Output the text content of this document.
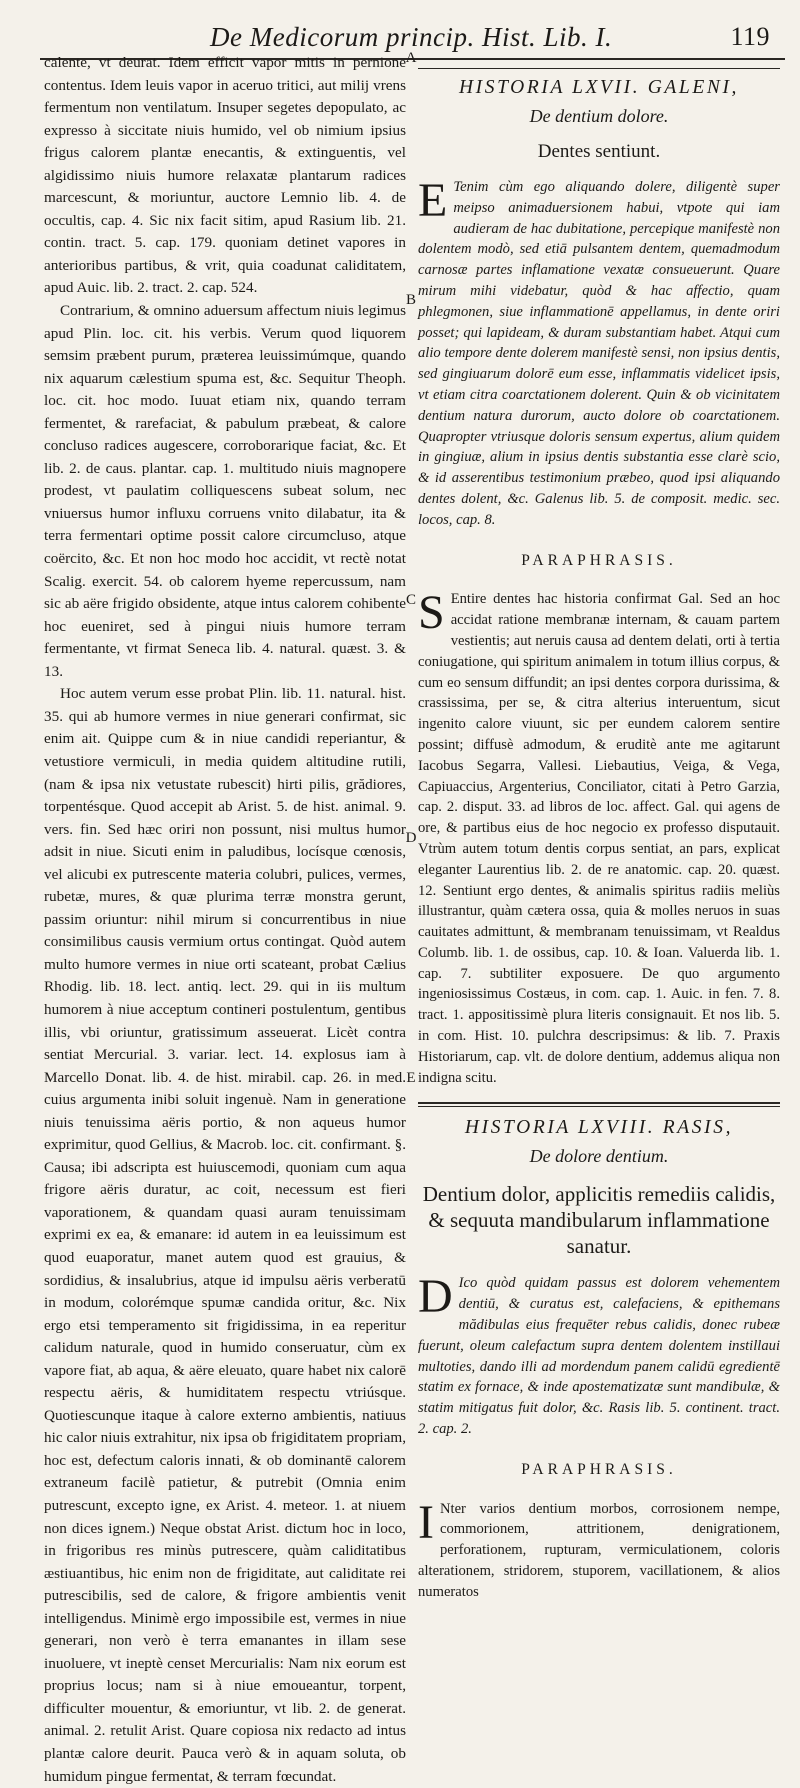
De Medicorum princip. Hist. Lib. I.	119
A
B
C
D
E

calente, vt deurat. Idem efficit vapor mitis in pernione contentus. Idem leuis vapor in aceruo tritici, aut milij vrens fermentum non ventilatum. Insuper segetes depopulato, ac expresso à siccitate niuis humido, vel ob nimium ipsius frigus calorem plantæ enecantis, & extinguentis, vel algidissimo niuis humore relaxatæ plantarum radices marcescunt, & moriuntur, auctore Lemnio lib. 4. de occultis, cap. 4. Sic nix facit sitim, apud Rasium lib. 21. contin. tract. 5. cap. 179. quoniam detinet vapores in anterioribus partibus, & vrit, quia coadunat caliditatem, apud Auic. lib. 2. tract. 2. cap. 524.

Contrarium, & omnino aduersum affectum niuis legimus apud Plin. loc. cit. his verbis. Verum quod liquorem semsim præbent purum, præterea leuissimúmque, quando nix aquarum cælestium spuma est, &c. Sequitur Theoph. loc. cit. hoc modo. Iuuat etiam nix, quando terram fermentet, & rarefaciat, & pabulum præbeat, & calore concluso radices augescere, corroborarique faciat, &c. Et lib. 2. de caus. plantar. cap. 1. multitudo niuis magnopere prodest, vt paulatim colliquescens subeat solum, nec vniuersus humor influxu corruens vnito dilabatur, ita & terra fermentari optime possit calore circumcluso, atque coërcito, &c. Et non hoc modo hoc accidit, vt rectè notat Scalig. exercit. 54. ob calorem hyeme repercussum, nam sic ab aëre frigido obsidente, atque intus calorem cohibente hoc eueniret, sed à pingui niuis humore terram fermentante, vt firmat Seneca lib. 4. natural. quæst. 3. & 13.

Hoc autem verum esse probat Plin. lib. 11. natural. hist. 35. qui ab humore vermes in niue generari confirmat, sic enim ait. Quippe cum & in niue candidi reperiantur, & vetustiore vermiculi, in media quidem altitudine rutili, (nam & ipsa nix vetustate rubescit) hirti pilis, grădiores, torpentésque. Quod accepit ab Arist. 5. de hist. animal. 9. vers. fin. Sed hæc oriri non possunt, nisi multus humor adsit in niue. Sicuti enim in paludibus, locísque cœnosis, vel alicubi ex putrescente materia colubri, pulices, vermes, rubetæ, mures, & quæ plurima terræ monstra gerunt, passim oriuntur: nihil mirum si concurrentibus in niue consimilibus causis vermium ortus contingat. Quòd autem multo humore vermes in niue orti scateant, probat Cælius Rhodig. lib. 18. lect. antiq. lect. 29. qui in iis multum humorem à niue acceptum contineri postulentum, gentibus illis, vbi oriuntur, gratissimum asseuerat. Licèt contra sentiat Mercurial. 3. variar. lect. 14. explosus iam à Marcello Donat. lib. 4. de hist. mirabil. cap. 26. in med. cuius argumenta inibi soluit ingenuè. Nam in generatione niuis tenuissima aëris portio, & non aqueus humor exprimitur, quod Gellius, & Macrob. loc. cit. confirmant. §. Causa; ibi adscripta est huiuscemodi, quoniam cum aqua frigore aëris duratur, ac coit, necessum est fieri vaporationem, & quandam quasi auram tenuissimam exprimi ex ea, & emanare: id autem in ea leuissimum est quod euaporatur, manet autem quod est grauius, & sordidius, & insalubrius, atque id impulsu aëris verberatū in modum, colorémque spumæ candida oritur, &c. Nix ergo etsi temperamento sit frigidissima, in ea reperitur calidum naturale, quod in humido conseruatur, cùm ex vapore fiat, ab aqua, & aëre eleuato, quare habet nix calorē respectu aëris, & humiditatem respectu vtriúsque. Quotiescunque itaque à calore externo ambientis, natiuus hic calor niuis extrahitur, nix ipsa ob frigiditatem propriam, hoc est, defectum caloris innati, & ob dominantē calorem extraneum facilè patietur, & putrebit (Omnia enim putrescunt, excepto igne, ex Arist. 4. meteor. 1. at niuem non dices ignem.) Neque obstat Arist. dictum hoc in loco, in frigoribus res minùs putrescere, quàm caliditatibus æstiuantibus, hic enim non de frigiditate, aut caliditate rei putrescibilis, sed de calore, & frigore ambientis venit intelligendus. Minimè ergo impossibile est, vermes in niue generari, non verò è terra emanantes in illam sese inuoluere, vt ineptè censet Mercurialis: Nam nix eorum est proprius locus; nam si à niue emoueantur, torpent, difficulter mouentur, & emoriuntur, vt lib. 2. de generat. animal. 2. retulit Arist. Quare copiosa nix redacto ad intus plantæ calore deurit. Pauca verò & in aquam soluta, ob humidum pingue fermentat, & terram fœcundat.

HISTORIA LXVII. GALENI,
De dentium dolore.
Dentes sentiunt.

E Tenim cùm ego aliquando dolere, diligentè super meipso animaduersionem habui, vtpote qui iam audieram de hac dubitatione, percepique manifestè non dolentem modò, sed etiā pulsantem dentem, quemadmodum carnosæ partes inflamatione vexatæ consueuerunt. Quare mirum mihi videbatur, quòd & hac affectio, quam phlegmonen, siue inflammationē appellamus, in dente oriri posset; qui lapideam, & duram substantiam habet. Atqui cum alio tempore dente dolerem manifestè sensi, non ipsius dentis, sed gingiuarum dolorē eum esse, inflammatis videlicet ipsis, vt etiam citra coarctationem dolerent. Quin & ob vicinitatem dentium natura durorum, aucto dolore ob coarctationem. Quapropter vtriusque doloris sensum expertus, alium quidem in gingiuæ, alium in ipsius dentis substantia esse clarè scio, & id asserentibus testimonium præbeo, quod ipsi aliquando dentes dolent, &c. Galenus lib. 5. de composit. medic. sec. locos, cap. 8.

PARAPHRASIS.

S Entire dentes hac historia confirmat Gal. Sed an hoc accidat ratione membranæ internam, & cauam partem vestientis; aut neruis causa ad dentem delati, orti à tertia coniugatione, qui spiritum animalem in totum illius corpus, & cum eo sensum diffundit; an ipsi dentes corpora durissima, & crassissima, per se, & citra alterius interuentum, sicut ingenito calore viuunt, sic per eundem calorem sentire possint; diffusè admodum, & eruditè ante me agitarunt Iacobus Segarra, Vallesi. Liebautius, Veiga, & Vega, Capiuaccius, Argenterius, Conciliator, citati à Petro Garzia, cap. 2. disput. 33. ad libros de loc. affect. Gal. qui agens de ore, & partibus eius de hoc negocio ex professo disputauit. Vtrùm autem totum dentis corpus sentiat, an pars, explicat eleganter Laurentius lib. 2. de re anatomic. cap. 20. quæst. 12. Sentiunt ergo dentes, & animalis spiritus radiis meliùs illustrantur, quàm cætera ossa, quia & molles neruos in suas cauitates admittunt, & membranam tenuissimam, vt Realdus Columb. lib. 1. de ossibus, cap. 10. & Ioan. Valuerda lib. 1. cap. 7. subtiliter exposuere. De quo argumento ingeniosissimus Costæus, in com. cap. 1. Auic. in fen. 7. 8. tract. 1. appositissimè plura literis consignauit. Et nos lib. 5. in com. Hist. 10. pulchra descripsimus: & lib. 7. Praxis Historiarum, cap. vlt. de dolore dentium, addemus aliqua non indigna scitu.

HISTORIA LXVIII. RASIS,
De dolore dentium.
Dentium dolor, applicitis remediis calidis, & sequuta mandibularum inflammatione sanatur.

D Ico quòd quidam passus est dolorem vehementem dentiū, & curatus est, calefaciens, & epithemans mădibulas eius frequēter rebus calidis, donec rubeæ fuerunt, oleum calefactum supra dentem dolentem instillaui multoties, dando illi ad mordendum panem calidū egredientē statim ex fornace, & inde apostematizatæ sunt mandibulæ, & statim mitigatus fuit dolor, &c. Rasis lib. 5. continent. tract. 2. cap. 2.

PARAPHRASIS.

I Nter varios dentium morbos, corrosionem nempe, commorionem, attritionem, denigrationem, perforationem, rupturam, vermiculationem, coloris alterationem, stridorem, stuporem, vacillationem, & alios numeratos
